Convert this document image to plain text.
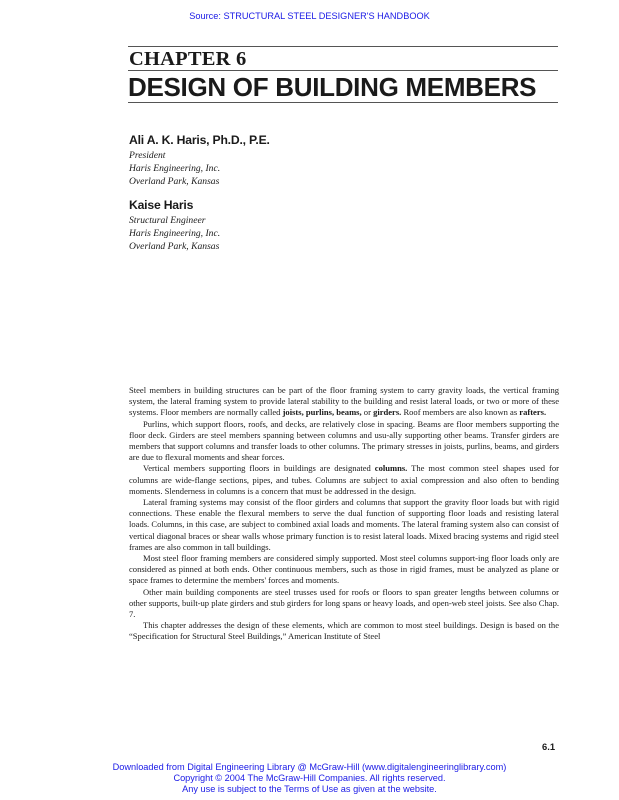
Source: STRUCTURAL STEEL DESIGNER'S HANDBOOK
CHAPTER 6
DESIGN OF BUILDING MEMBERS
Ali A. K. Haris, Ph.D., P.E.
President
Haris Engineering, Inc.
Overland Park, Kansas
Kaise Haris
Structural Engineer
Haris Engineering, Inc.
Overland Park, Kansas

Steel members in building structures can be part of the floor framing system to carry gravity loads, the vertical framing system, the lateral framing system to provide lateral stability to the building and resist lateral loads, or two or more of these systems. Floor members are normally called joists, purlins, beams, or girders. Roof members are also known as rafters.

Purlins, which support floors, roofs, and decks, are relatively close in spacing. Beams are floor members supporting the floor deck. Girders are steel members spanning between columns and usu-ally supporting other beams. Transfer girders are members that support columns and transfer loads to other columns. The primary stresses in joists, purlins, beams, and girders are due to flexural moments and shear forces.

Vertical members supporting floors in buildings are designated columns. The most common steel shapes used for columns are wide-flange sections, pipes, and tubes. Columns are subject to axial compression and also often to bending moments. Slenderness in columns is a concern that must be addressed in the design.

Lateral framing systems may consist of the floor girders and columns that support the gravity floor loads but with rigid connections. These enable the flexural members to serve the dual function of supporting floor loads and resisting lateral loads. Columns, in this case, are subject to combined axial loads and moments. The lateral framing system also can consist of vertical diagonal braces or shear walls whose primary function is to resist lateral loads. Mixed bracing systems and rigid steel frames are also common in tall buildings.

Most steel floor framing members are considered simply supported. Most steel columns support-ing floor loads only are considered as pinned at both ends. Other continuous members, such as those in rigid frames, must be analyzed as plane or space frames to determine the members' forces and moments.

Other main building components are steel trusses used for roofs or floors to span greater lengths between columns or other supports, built-up plate girders and stub girders for long spans or heavy loads, and open-web steel joists. See also Chap. 7.

This chapter addresses the design of these elements, which are common to most steel buildings. Design is based on the “Specification for Structural Steel Buildings,” American Institute of Steel

6.1
Downloaded from Digital Engineering Library @ McGraw-Hill (www.digitalengineeringlibrary.com)
Copyright © 2004 The McGraw-Hill Companies. All rights reserved.
Any use is subject to the Terms of Use as given at the website.
